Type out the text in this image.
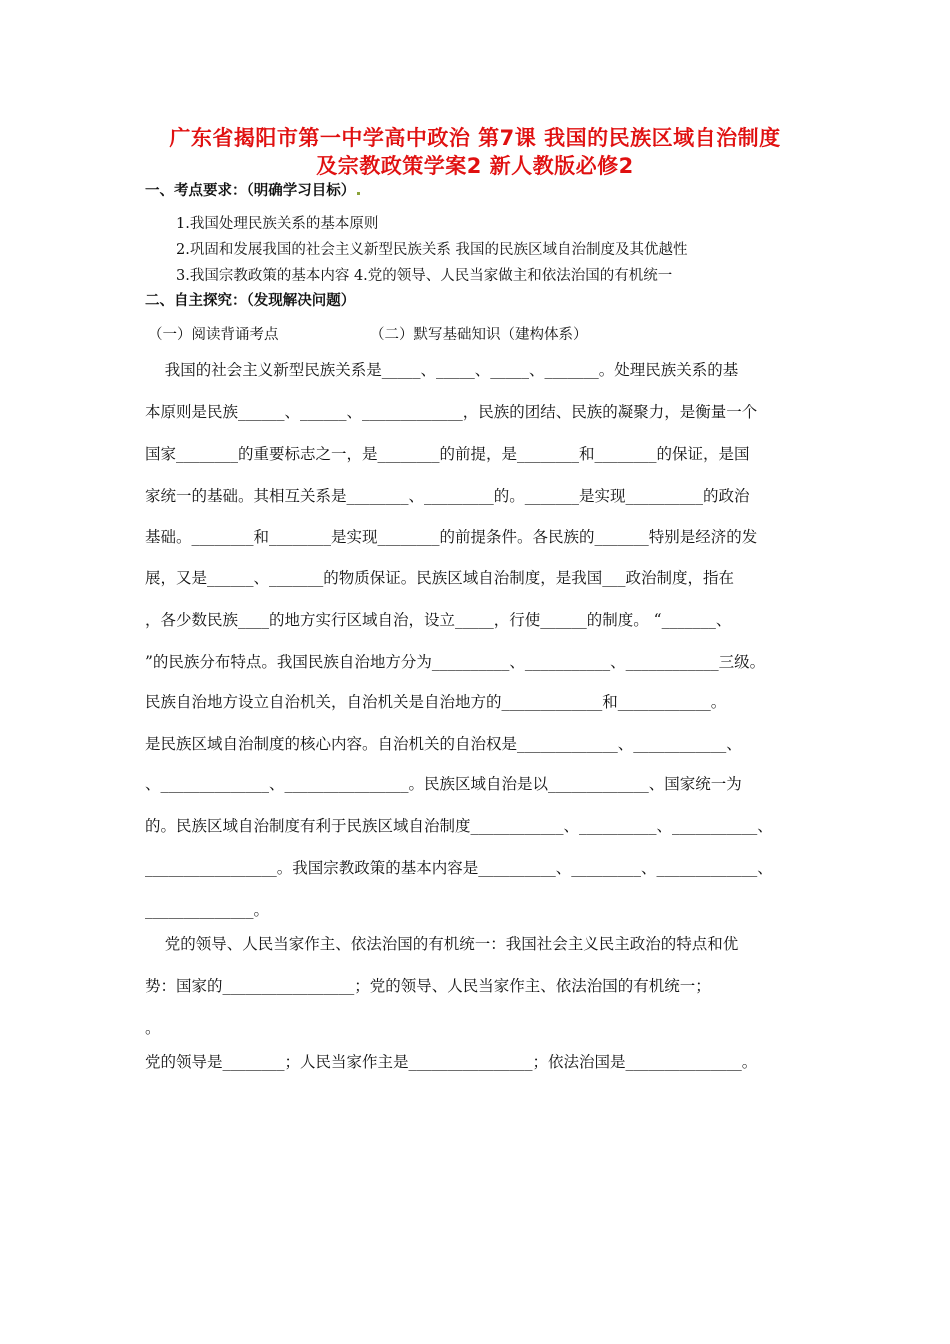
广东省揭阳市第一中学高中政治 第7课 我国的民族区域自治制度
及宗教政策学案2 新人教版必修2
一、考点要求：（明确学习目标）
1.我国处理民族关系的基本原则
2.巩固和发展我国的社会主义新型民族关系 我国的民族区域自治制度及其优越性
3.我国宗教政策的基本内容 4.党的领导、人民当家做主和依法治国的有机统一
二、自主探究：（发现解决问题）
（一）阅读背诵考点	（二）默写基础知识（建构体系）
我国的社会主义新型民族关系是_____、_____、_____、_______。处理民族关系的基
本原则是民族______、______、_____________，民族的团结、民族的凝聚力，是衡量一个
国家________的重要标志之一，是________的前提，是________和________的保证，是国
家统一的基础。其相互关系是________、_________的。_______是实现__________的政治
基础。________和________是实现________的前提条件。各民族的_______特别是经济的发
展，又是______、_______的物质保证。民族区域自治制度，是我国___政治制度，指在
，各少数民族____的地方实行区域自治，设立_____，行使______的制度。 “_______、
”的民族分布特点。我国民族自治地方分为__________、___________、____________三级。
民族自治地方设立自治机关，自治机关是自治地方的_____________和____________。
是民族区域自治制度的核心内容。自治机关的自治权是_____________、____________、
、______________、________________。民族区域自治是以_____________、国家统一为
的。民族区域自治制度有利于民族区域自治制度____________、__________、___________、
_________________。我国宗教政策的基本内容是__________、_________、_____________、
______________。
党的领导、人民当家作主、依法治国的有机统一：我国社会主义民主政治的特点和优
势：国家的_________________；党的领导、人民当家作主、依法治国的有机统一；
。
党的领导是________；人民当家作主是________________；依法治国是_______________。
